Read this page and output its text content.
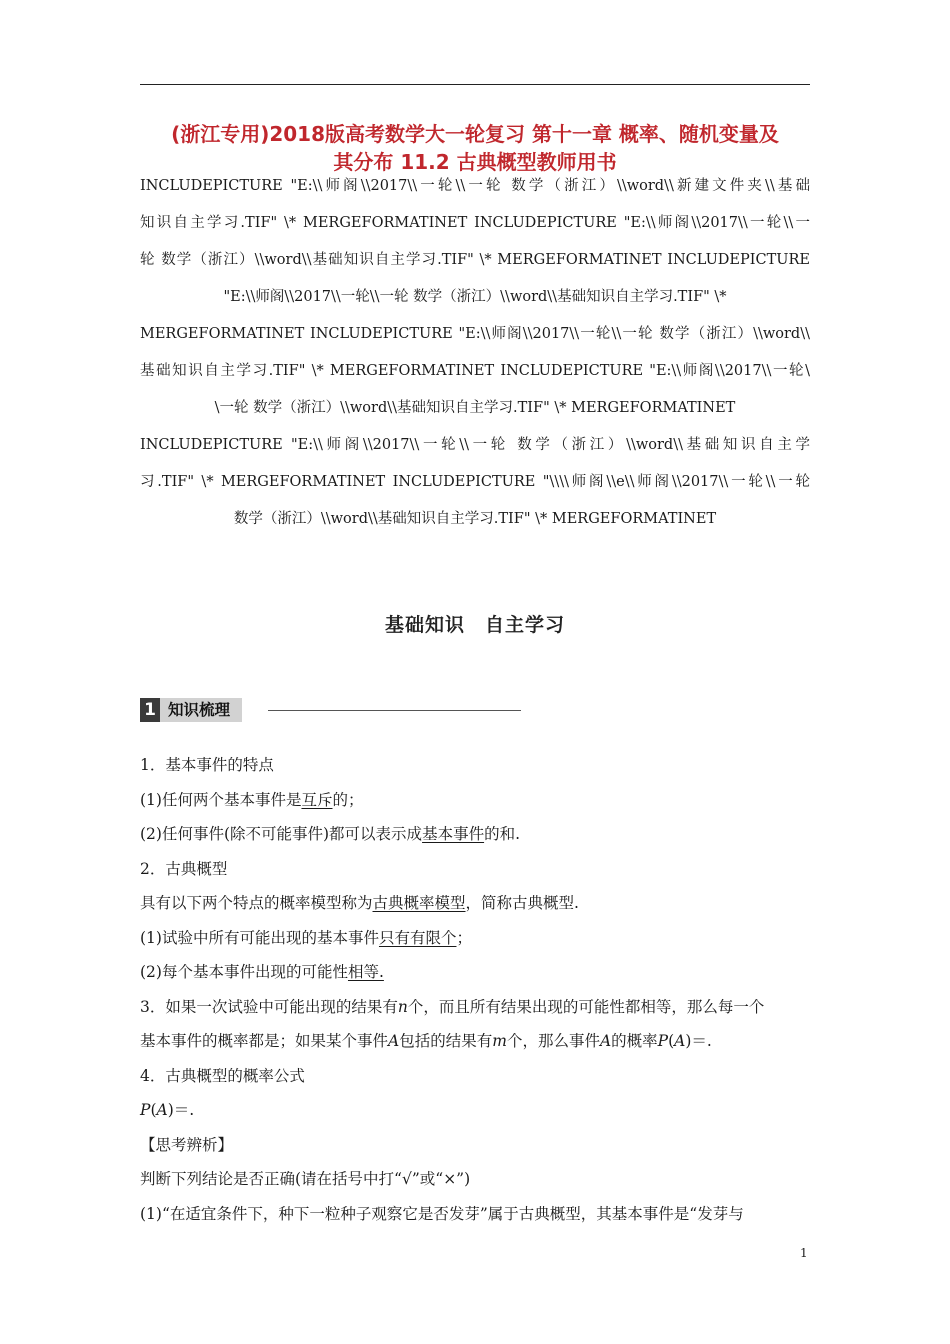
(浙江专用)2018版高考数学大一轮复习 第十一章 概率、随机变量及
其分布 11.2 古典概型教师用书
INCLUDEPICTURE "E:\\师阁\\2017\\一轮\\一轮 数学（浙江）\\word\\新建文件夹\\基础
知识自主学习.TIF" \* MERGEFORMATINET INCLUDEPICTURE "E:\\师阁\\2017\\一轮\\一
轮 数学（浙江）\\word\\基础知识自主学习.TIF" \* MERGEFORMATINET INCLUDEPICTURE
"E:\\师阁\\2017\\一轮\\一轮 数学（浙江）\\word\\基础知识自主学习.TIF" \*
MERGEFORMATINET INCLUDEPICTURE "E:\\师阁\\2017\\一轮\\一轮 数学（浙江）\\word\\
基础知识自主学习.TIF" \* MERGEFORMATINET INCLUDEPICTURE "E:\\师阁\\2017\\一轮\
\一轮 数学（浙江）\\word\\基础知识自主学习.TIF" \* MERGEFORMATINET
INCLUDEPICTURE "E:\\师阁\\2017\\一轮\\一轮 数学（浙江）\\word\\基础知识自主学
习.TIF" \* MERGEFORMATINET INCLUDEPICTURE "\\\\师阁\\e\\师阁\\2017\\一轮\\一轮
数学（浙江）\\word\\基础知识自主学习.TIF" \* MERGEFORMATINET
基础知识　自主学习
1 知识梳理
1．基本事件的特点
(1)任何两个基本事件是互斥的；
(2)任何事件(除不可能事件)都可以表示成基本事件的和.
2．古典概型
具有以下两个特点的概率模型称为古典概率模型，简称古典概型.
(1)试验中所有可能出现的基本事件只有有限个；
(2)每个基本事件出现的可能性相等.
3．如果一次试验中可能出现的结果有n个，而且所有结果出现的可能性都相等，那么每一个
基本事件的概率都是；如果某个事件A包括的结果有m个，那么事件A的概率P(A)＝.
4．古典概型的概率公式
P(A)＝.
【思考辨析】
判断下列结论是否正确(请在括号中打“√”或“×”)
(1)“在适宜条件下，种下一粒种子观察它是否发芽”属于古典概型，其基本事件是“发芽与
1
